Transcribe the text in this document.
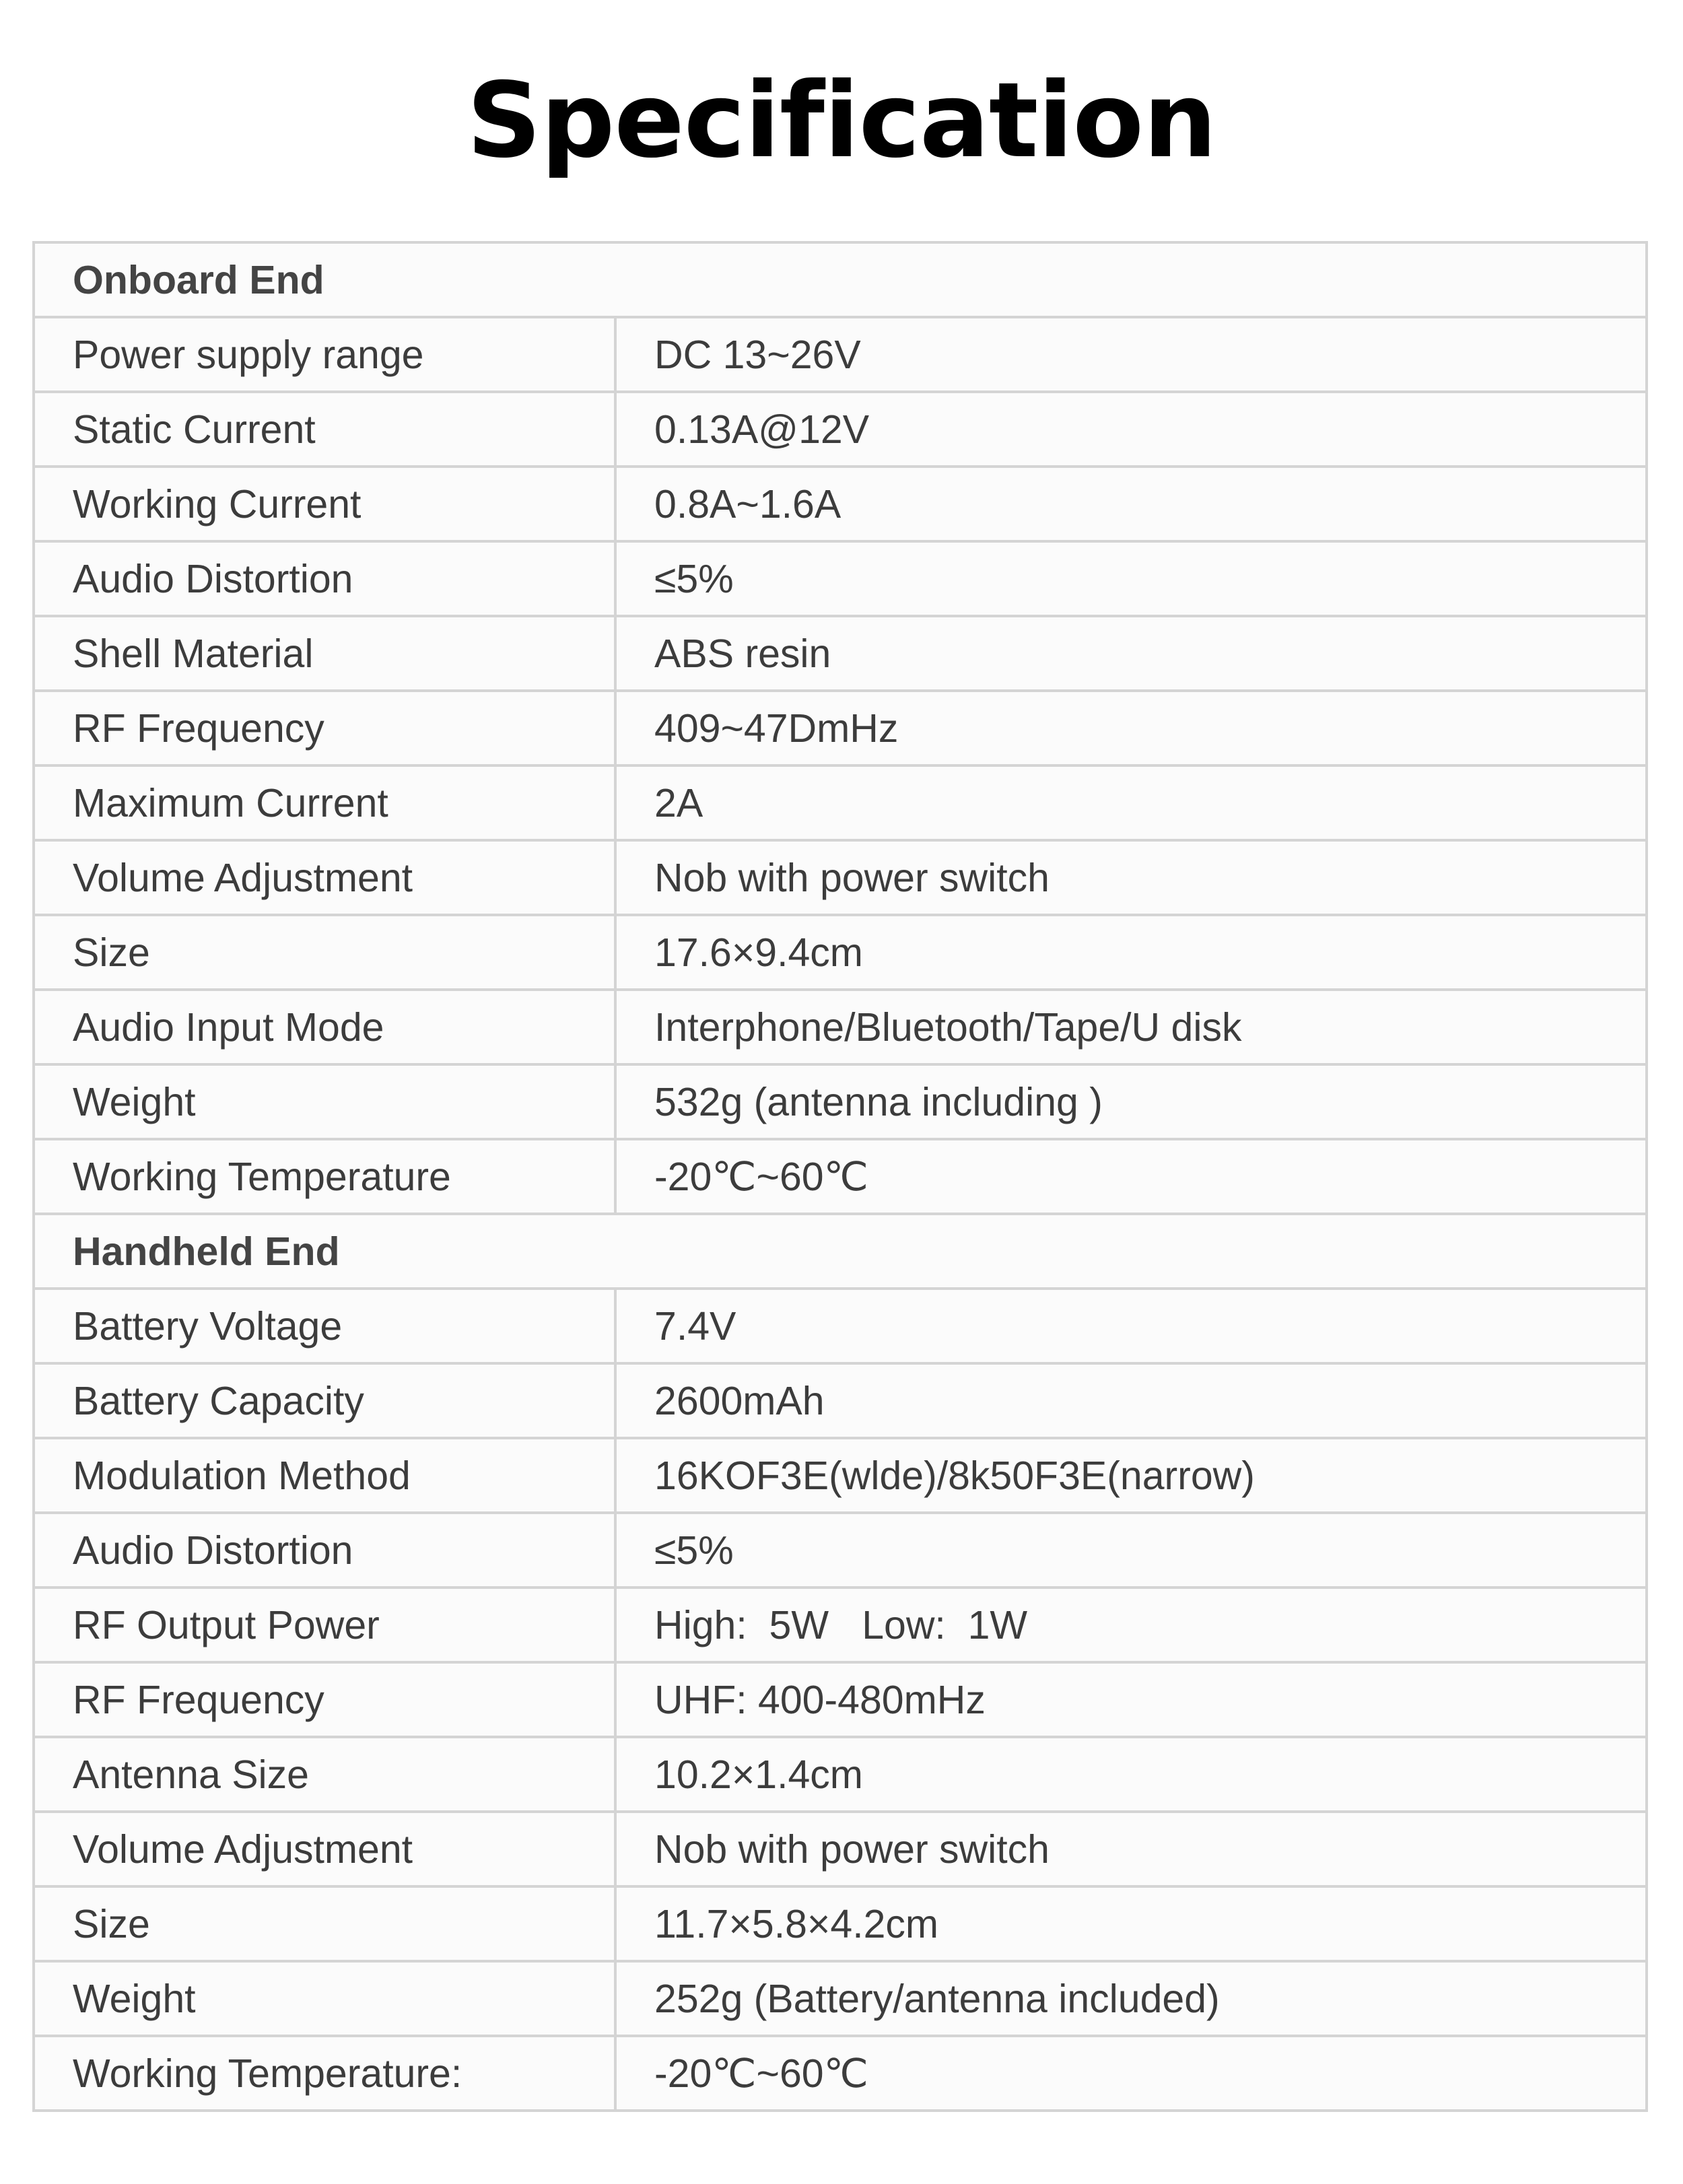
Specification
Onboard End	
Power supply range	DC 13~26V
Static Current	0.13A@12V
Working Current	0.8A~1.6A
Audio Distortion	≤5%
Shell Material	ABS resin
RF Frequency	409~47DmHz
Maximum Current	2A
Volume Adjustment	Nob with power switch
Size	17.6×9.4cm
Audio Input Mode	Interphone/Bluetooth/Tape/U disk
Weight	532g (antenna including )
Working Temperature	-20℃~60℃
Handheld End	
Battery Voltage	7.4V
Battery Capacity	2600mAh
Modulation Method	16KOF3E(wlde)/8k50F3E(narrow)
Audio Distortion	≤5%
RF Output Power	High:  5W   Low:  1W
RF Frequency	UHF: 400-480mHz
Antenna Size	10.2×1.4cm
Volume Adjustment	Nob with power switch
Size	11.7×5.8×4.2cm
Weight	252g (Battery/antenna included)
Working Temperature:	-20℃~60℃
